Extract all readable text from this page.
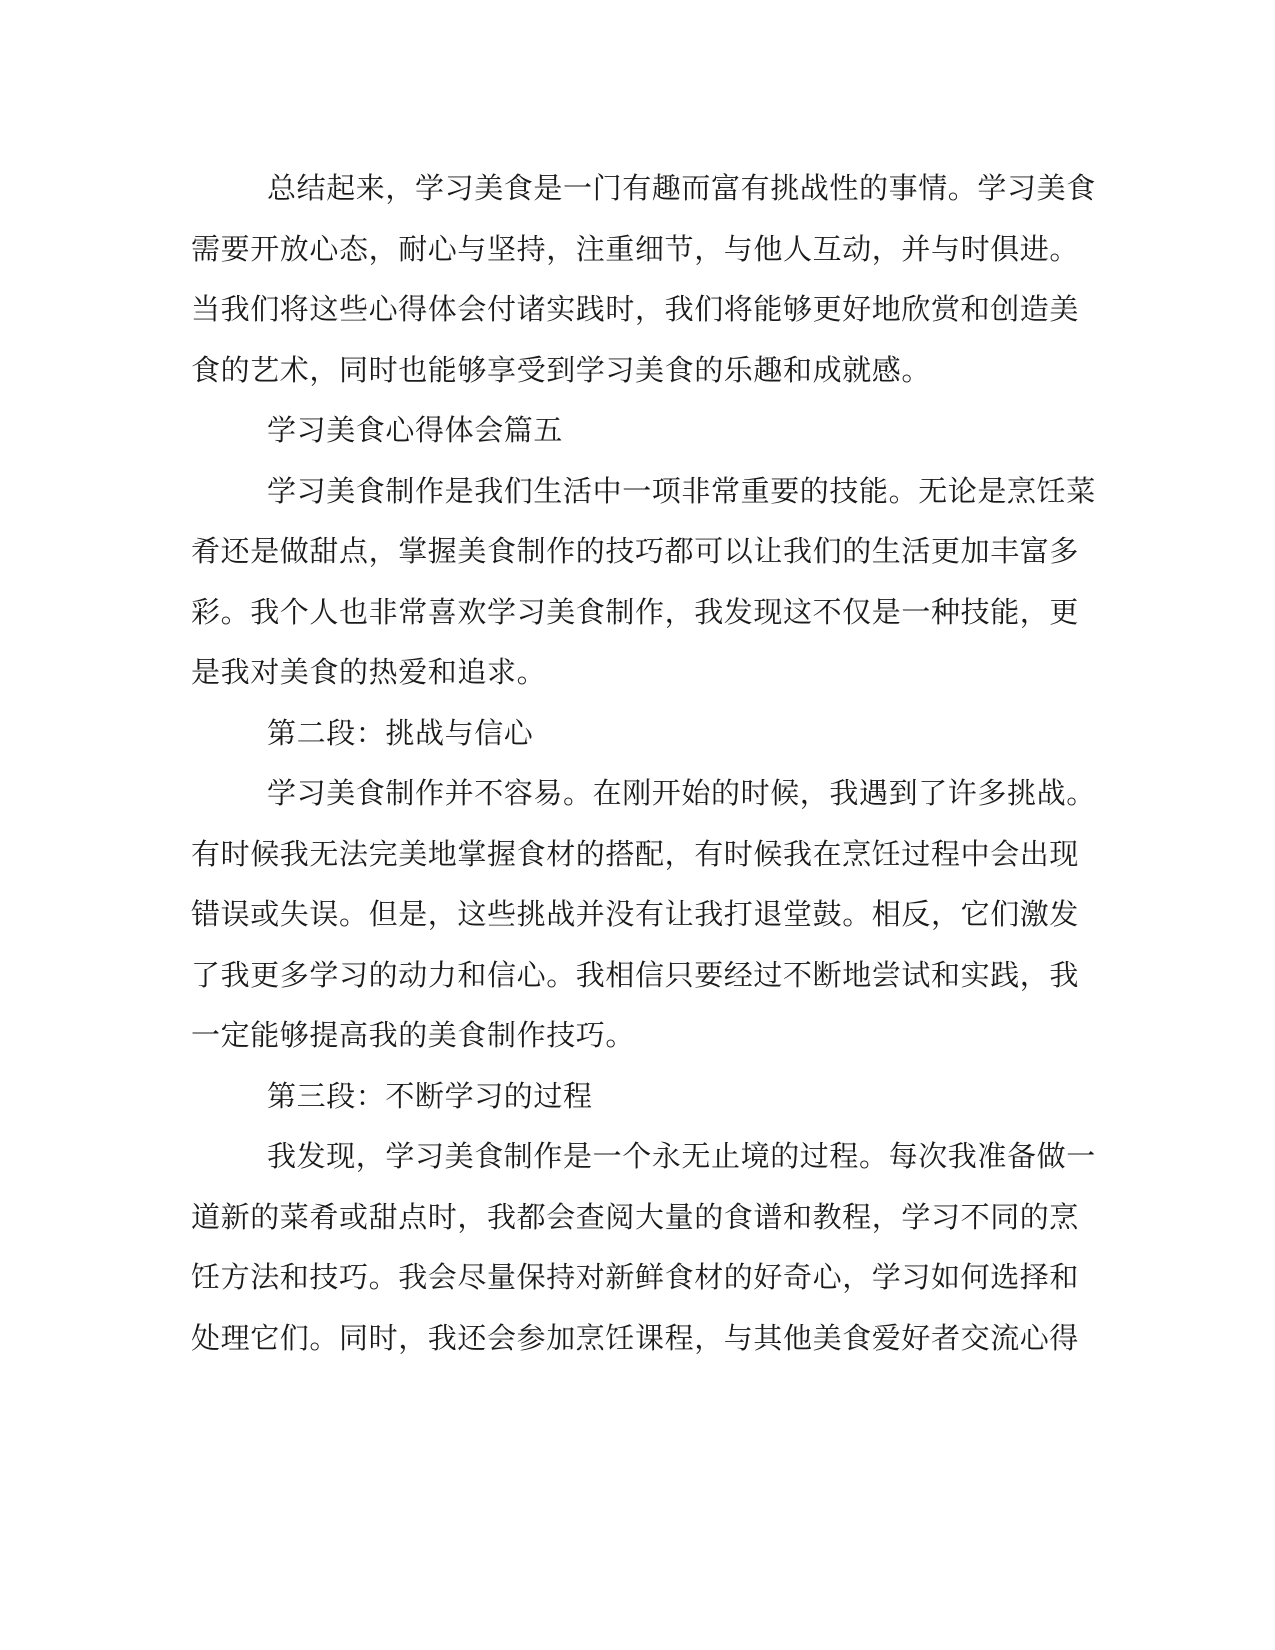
总结起来，学习美食是一门有趣而富有挑战性的事情。学习美食
需要开放心态，耐心与坚持，注重细节，与他人互动，并与时俱进。
当我们将这些心得体会付诸实践时，我们将能够更好地欣赏和创造美
食的艺术，同时也能够享受到学习美食的乐趣和成就感。
学习美食心得体会篇五
学习美食制作是我们生活中一项非常重要的技能。无论是烹饪菜
肴还是做甜点，掌握美食制作的技巧都可以让我们的生活更加丰富多
彩。我个人也非常喜欢学习美食制作，我发现这不仅是一种技能，更
是我对美食的热爱和追求。
第二段：挑战与信心
学习美食制作并不容易。在刚开始的时候，我遇到了许多挑战。
有时候我无法完美地掌握食材的搭配，有时候我在烹饪过程中会出现
错误或失误。但是，这些挑战并没有让我打退堂鼓。相反，它们激发
了我更多学习的动力和信心。我相信只要经过不断地尝试和实践，我
一定能够提高我的美食制作技巧。
第三段：不断学习的过程
我发现，学习美食制作是一个永无止境的过程。每次我准备做一
道新的菜肴或甜点时，我都会查阅大量的食谱和教程，学习不同的烹
饪方法和技巧。我会尽量保持对新鲜食材的好奇心，学习如何选择和
处理它们。同时，我还会参加烹饪课程，与其他美食爱好者交流心得
